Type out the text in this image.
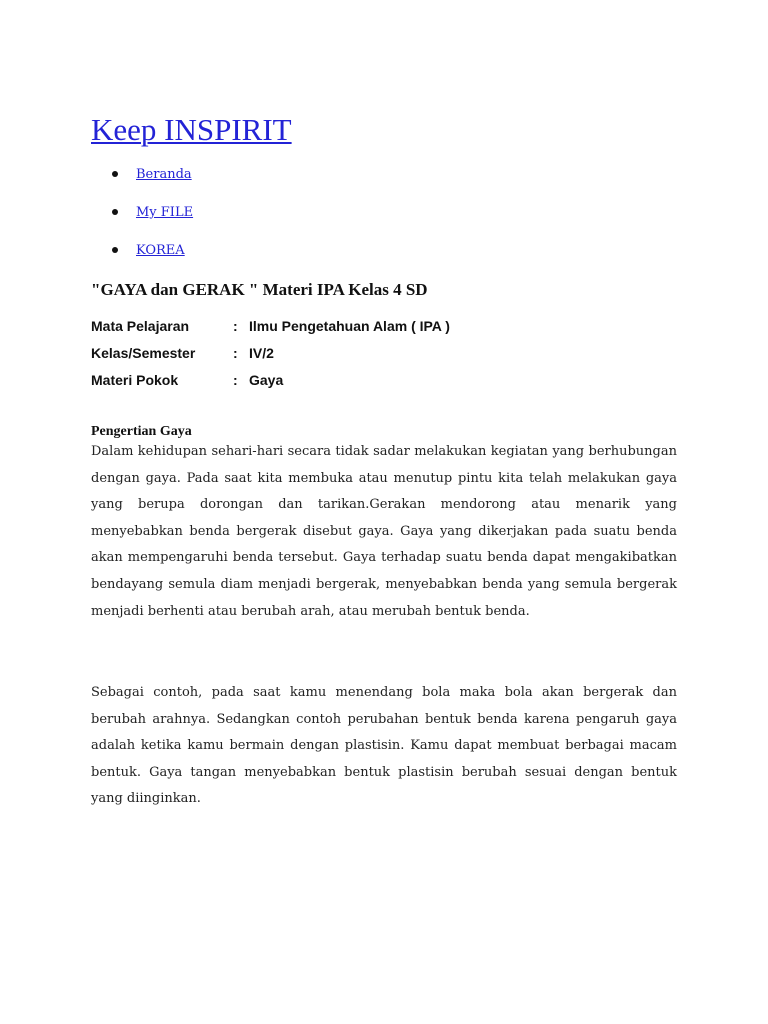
Keep INSPIRIT
Beranda
My FILE
KOREA
"GAYA dan GERAK " Materi IPA Kelas 4 SD
Mata Pelajaran	: Ilmu Pengetahuan Alam ( IPA )
Kelas/Semester	: IV/2
Materi Pokok	: Gaya
Pengertian Gaya

Dalam kehidupan sehari-hari secara tidak sadar melakukan kegiatan yang berhubungan dengan gaya. Pada saat kita membuka atau menutup pintu kita telah melakukan gaya yang berupa dorongan dan tarikan.Gerakan mendorong atau menarik yang menyebabkan benda bergerak disebut gaya. Gaya yang dikerjakan pada suatu benda akan mempengaruhi benda tersebut. Gaya terhadap suatu benda dapat mengakibatkan bendayang semula diam menjadi bergerak, menyebabkan benda yang semula bergerak menjadi berhenti atau berubah arah, atau merubah bentuk benda.

Sebagai contoh, pada saat kamu menendang bola maka bola akan bergerak dan berubah arahnya. Sedangkan contoh perubahan bentuk benda karena pengaruh gaya adalah ketika kamu bermain dengan plastisin. Kamu dapat membuat berbagai macam bentuk. Gaya tangan menyebabkan bentuk plastisin berubah sesuai dengan bentuk yang diinginkan.
